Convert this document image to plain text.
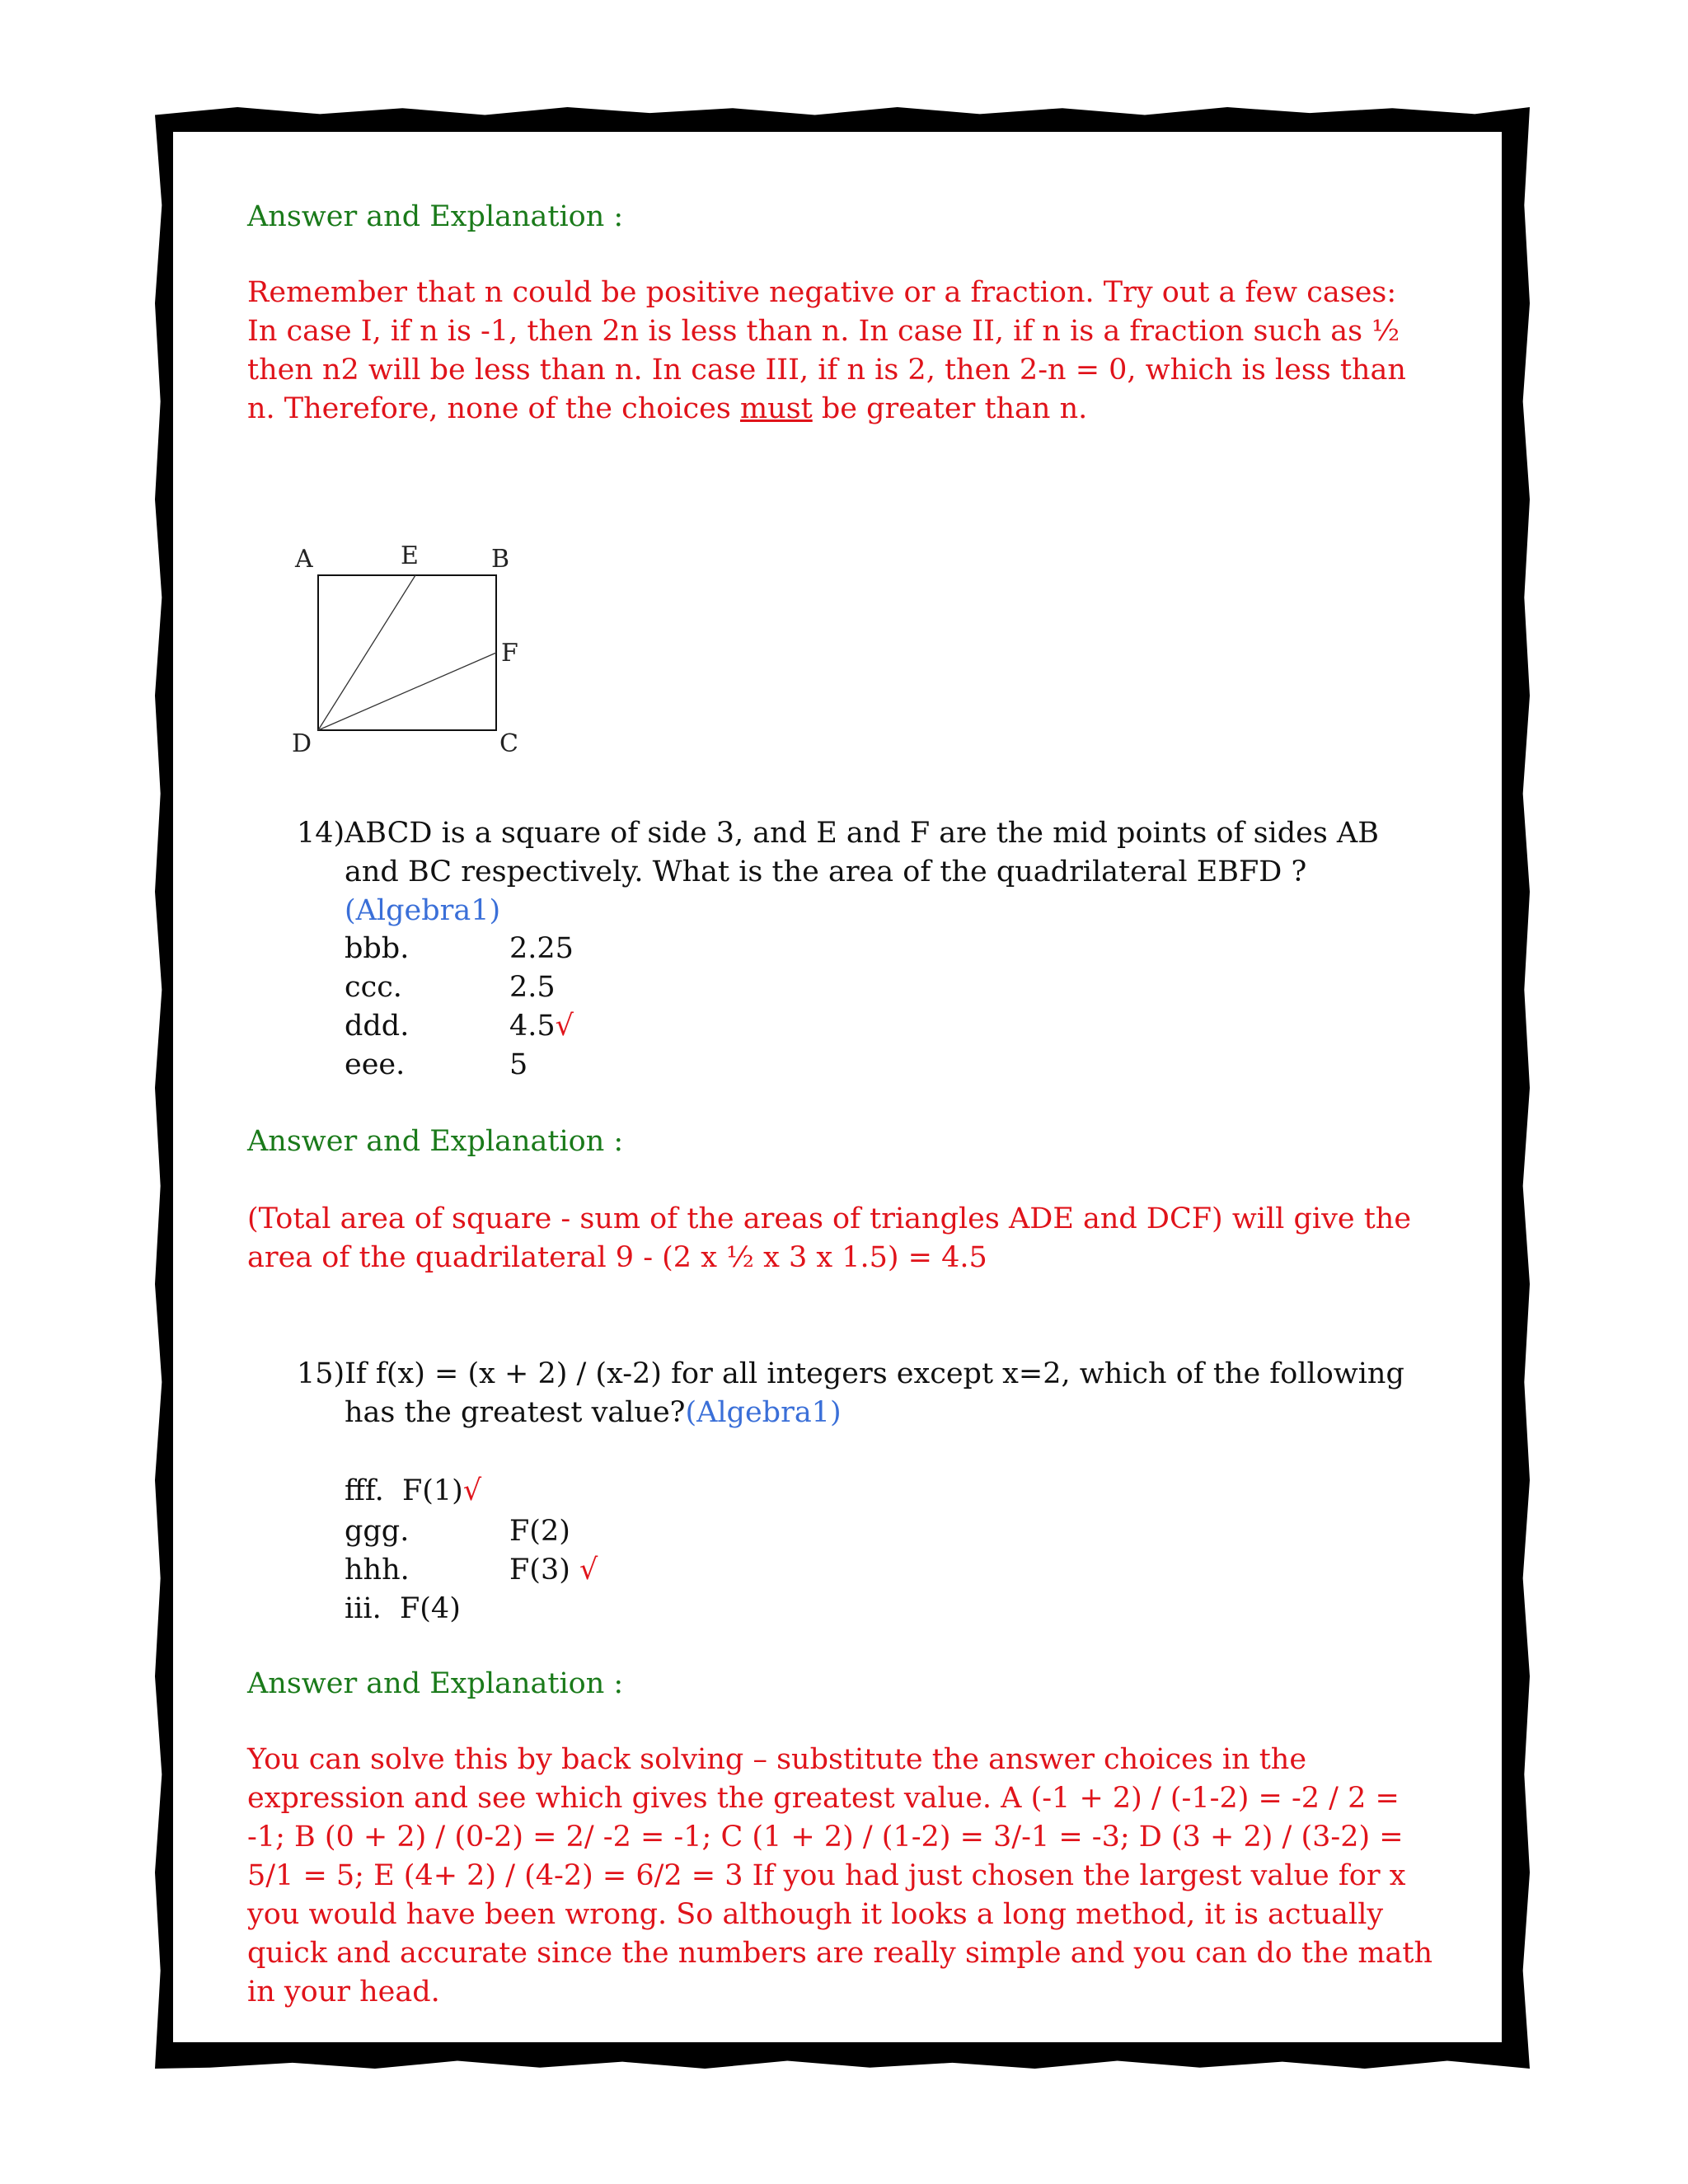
Answer and Explanation :
Remember that n could be positive negative or a fraction. Try out a few cases: In case I, if n is -1, then 2n is less than n. In case II, if n is a fraction such as ½ then n2 will be less than n. In case III, if n is 2, then 2-n = 0, which is less than n. Therefore, none of the choices must be greater than n.
A	E	B
F
D	C
14) ABCD is a square of side 3, and E and F are the mid points of sides AB and BC respectively. What is the area of the quadrilateral EBFD ?(Algebra1)
bbb.	2.25
ccc.	2.5
ddd.	4.5√
eee.	5
Answer and Explanation :
(Total area of square - sum of the areas of triangles ADE and DCF) will give the area of the quadrilateral 9 - (2 x ½ x 3 x 1.5) = 4.5
15) If f(x) = (x + 2) / (x-2) for all integers except x=2, which of the following has the greatest value?(Algebra1)
fff. F(1)√
ggg.	F(2)
hhh.	F(3) √
iii. F(4)
Answer and Explanation :
You can solve this by back solving – substitute the answer choices in the expression and see which gives the greatest value. A (-1 + 2) / (-1-2) = -2 / 2 = -1; B (0 + 2) / (0-2) = 2/ -2 = -1; C (1 + 2) / (1-2) = 3/-1 = -3; D (3 + 2) / (3-2) = 5/1 = 5; E (4+ 2) / (4-2) = 6/2 = 3 If you had just chosen the largest value for x you would have been wrong. So although it looks a long method, it is actually quick and accurate since the numbers are really simple and you can do the math in your head.
